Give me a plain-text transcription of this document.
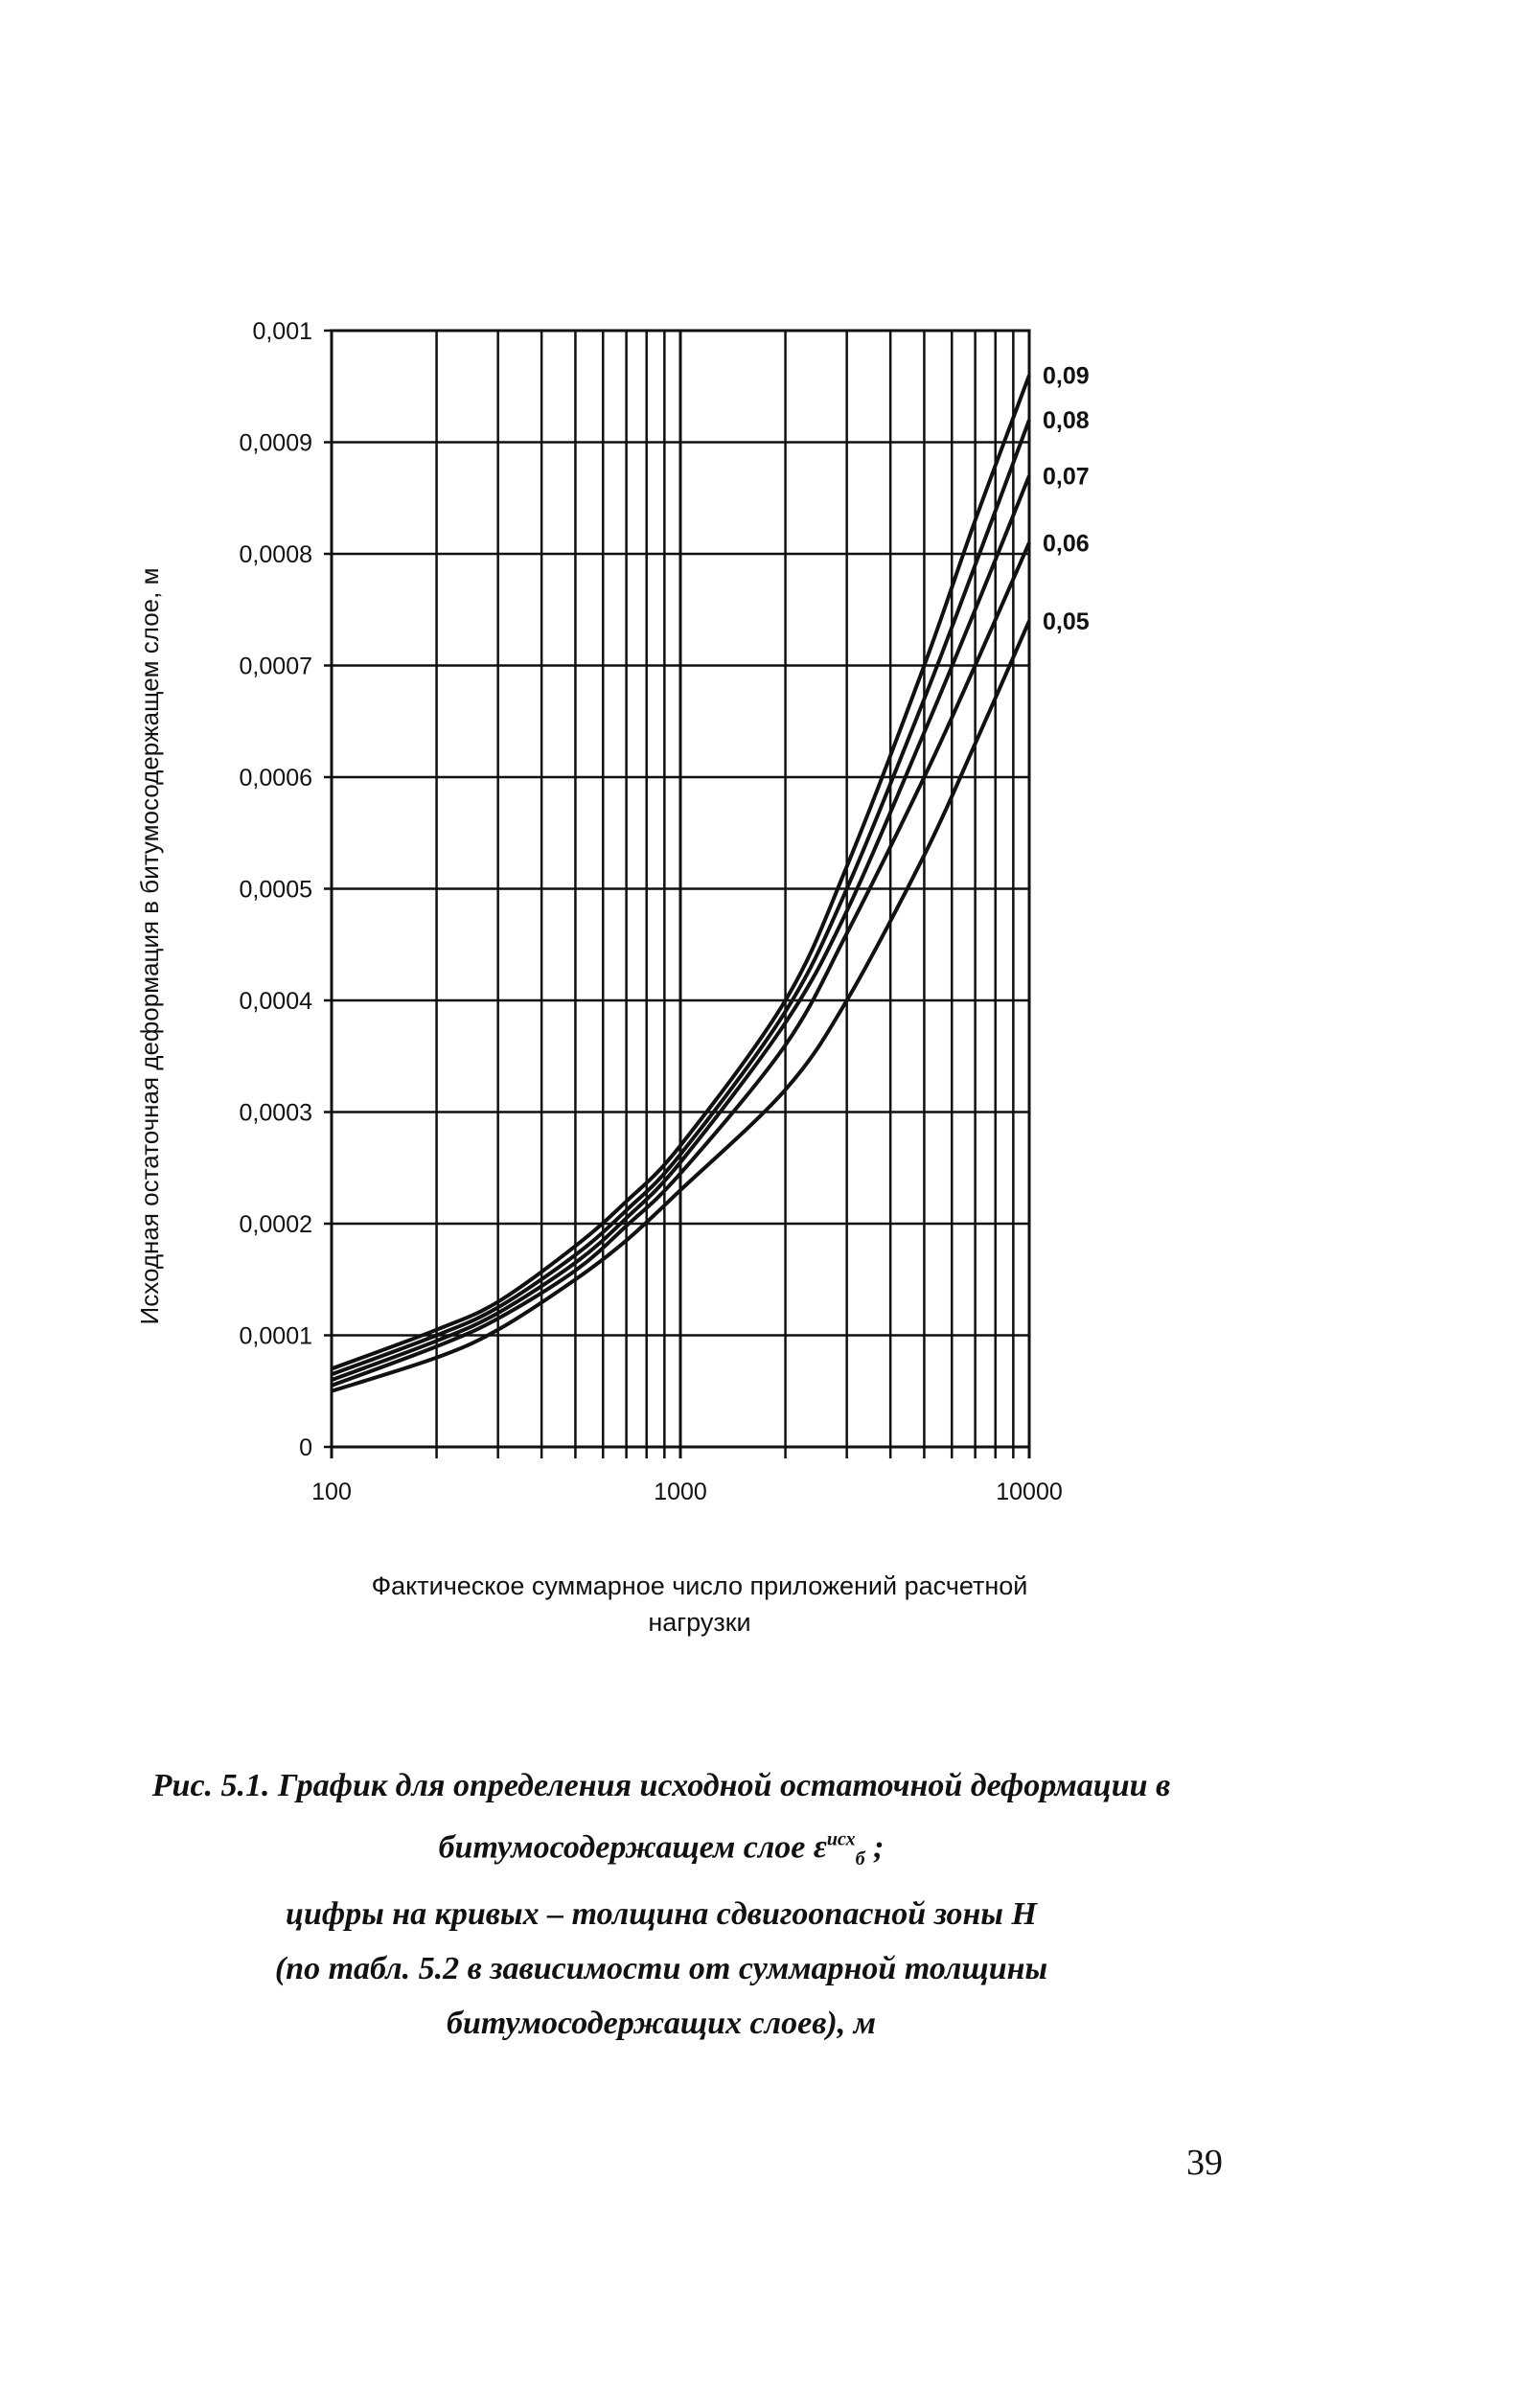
0
0,0001
0,0002
0,0003
0,0004
0,0005
0,0006
0,0007
0,0008
0,0009
0,001
100	1000	10000
0,09
0,08
0,07
0,06
0,05
Исходная остаточная деформация в битумосодержащем слое, м
Фактическое суммарное число приложений расчетной
нагрузки
Рис. 5.1. График для определения исходной остаточной деформации в
битумосодержащем слое $\varepsilon^{исх}_б$ ;
цифры на кривых – толщина сдвигоопасной зоны H
(по табл. 5.2 в зависимости от суммарной толщины
битумосодержащих слоев), м
39
